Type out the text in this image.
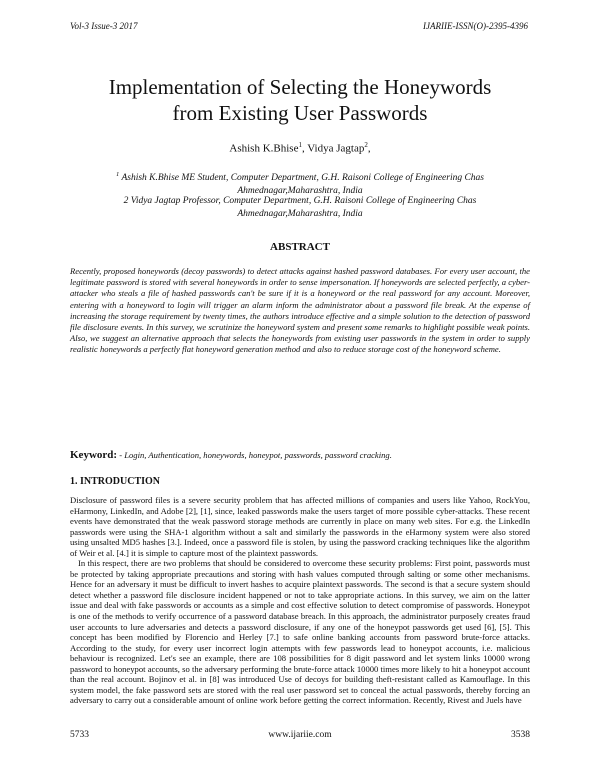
Vol-3 Issue-3 2017	IJARIIE-ISSN(O)-2395-4396
Implementation of Selecting the Honeywords
from Existing User Passwords
Ashish K.Bhise$^1$, Vidya Jagtap$^2$,
$^1$ Ashish K.Bhise ME Student, Computer Department, G.H. Raisoni College of Engineering Chas Ahmednagar,Maharashtra, India
2 Vidya Jagtap Professor, Computer Department, G.H. Raisoni College of Engineering Chas Ahmednagar,Maharashtra, India
ABSTRACT

Recently, proposed honeywords (decoy passwords) to detect attacks against hashed password databases. For every user account, the legitimate password is stored with several honeywords in order to sense impersonation. If honeywords are selected perfectly, a cyber-attacker who steals a file of hashed passwords can't be sure if it is a honeyword or the real password for any account. Moreover, entering with a honeyword to login will trigger an alarm inform the administrator about a password file break. At the expense of increasing the storage requirement by twenty times, the authors introduce effective and a simple solution to the detection of password file disclosure events. In this survey, we scrutinize the honeyword system and present some remarks to highlight possible weak points. Also, we suggest an alternative approach that selects the honeywords from existing user passwords in the system in order to supply realistic honeywords a perfectly flat honeyword generation method and also to reduce storage cost of the honeyword scheme.

Keyword: - Login, Authentication, honeywords, honeypot, passwords, password cracking.
1. INTRODUCTION

Disclosure of password files is a severe security problem that has affected millions of companies and users like Yahoo, RockYou, eHarmony, LinkedIn, and Adobe [2], [1], since, leaked passwords make the users target of more possible cyber-attacks. These recent events have demonstrated that the weak password storage methods are currently in place on many web sites. For e.g. the LinkedIn passwords were using the SHA-1 algorithm without a salt and similarly the passwords in the eHarmony system were also stored using unsalted MD5 hashes [3.]. Indeed, once a password file is stolen, by using the password cracking techniques like the algorithm of Weir et al. [4.] it is simple to capture most of the plaintext passwords.

In this respect, there are two problems that should be considered to overcome these security problems: First point, passwords must be protected by taking appropriate precautions and storing with hash values computed through salting or some other mechanisms. Hence for an adversary it must be difficult to invert hashes to acquire plaintext passwords. The second is that a secure system should detect whether a password file disclosure incident happened or not to take appropriate actions. In this survey, we aim on the latter issue and deal with fake passwords or accounts as a simple and cost effective solution to detect compromise of passwords. Honeypot is one of the methods to verify occurrence of a password database breach. In this approach, the administrator purposely creates fraud user accounts to lure adversaries and detects a password disclosure, if any one of the honeypot passwords get used [6], [5]. This concept has been modified by Florencio and Herley [7.] to safe online banking accounts from password brute-force attacks. According to the study, for every user incorrect login attempts with few passwords lead to honeypot accounts, i.e. malicious behaviour is recognized. Let's see an example, there are 108 possibilities for 8 digit password and let system links 10000 wrong password to honeypot accounts, so the adversary performing the brute-force attack 10000 times more likely to hit a honeypot account than the real account. Bojinov et al. in [8] was introduced Use of decoys for building theft-resistant called as Kamouflage. In this system model, the fake password sets are stored with the real user password set to conceal the actual passwords, thereby forcing an adversary to carry out a considerable amount of online work before getting the correct information. Recently, Rivest and Juels have

5733	www.ijariie.com	3538
